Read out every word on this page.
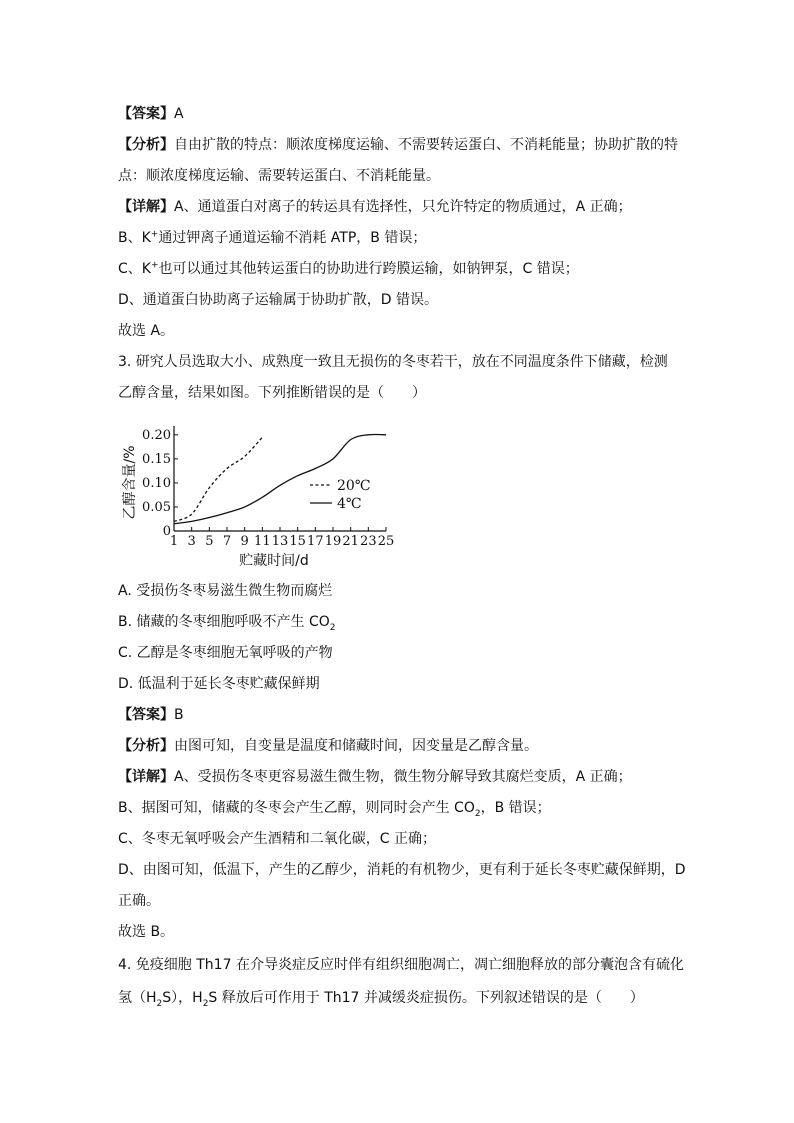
【答案】A
【分析】自由扩散的特点：顺浓度梯度运输、不需要转运蛋白、不消耗能量；协助扩散的特
点：顺浓度梯度运输、需要转运蛋白、不消耗能量。
【详解】A、通道蛋白对离子的转运具有选择性，只允许特定的物质通过，A 正确；
B、K+通过钾离子通道运输不消耗 ATP，B 错误；
C、K+也可以通过其他转运蛋白的协助进行跨膜运输，如钠钾泵，C 错误；
D、通道蛋白协助离子运输属于协助扩散，D 错误。
故选 A。
3. 研究人员选取大小、成熟度一致且无损伤的冬枣若干，放在不同温度条件下储藏，检测
乙醇含量，结果如图。下列推断错误的是（　　）
1 3 5 7 9 11 13 15 17 19 21 23 25
0
0.05
0.10
0.15
0.20
20℃
4℃
贮藏时间/d
乙醇含量/%
A. 受损伤冬枣易滋生微生物而腐烂
B. 储藏的冬枣细胞呼吸不产生 $CO_2$
C. 乙醇是冬枣细胞无氧呼吸的产物
D. 低温利于延长冬枣贮藏保鲜期
【答案】B
【分析】由图可知，自变量是温度和储藏时间，因变量是乙醇含量。
【详解】A、受损伤冬枣更容易滋生微生物，微生物分解导致其腐烂变质，A 正确；
B、据图可知，储藏的冬枣会产生乙醇，则同时会产生 $CO_2$，B 错误；
C、冬枣无氧呼吸会产生酒精和二氧化碳，C 正确；
D、由图可知，低温下，产生的乙醇少，消耗的有机物少，更有利于延长冬枣贮藏保鲜期，D
正确。
故选 B。
4. 免疫细胞 Th17 在介导炎症反应时伴有组织细胞凋亡，凋亡细胞释放的部分囊泡含有硫化
氢$(H_2S)$，$H_2S$ 释放后可作用于 Th17 并减缓炎症损伤。下列叙述错误的是（　　）
